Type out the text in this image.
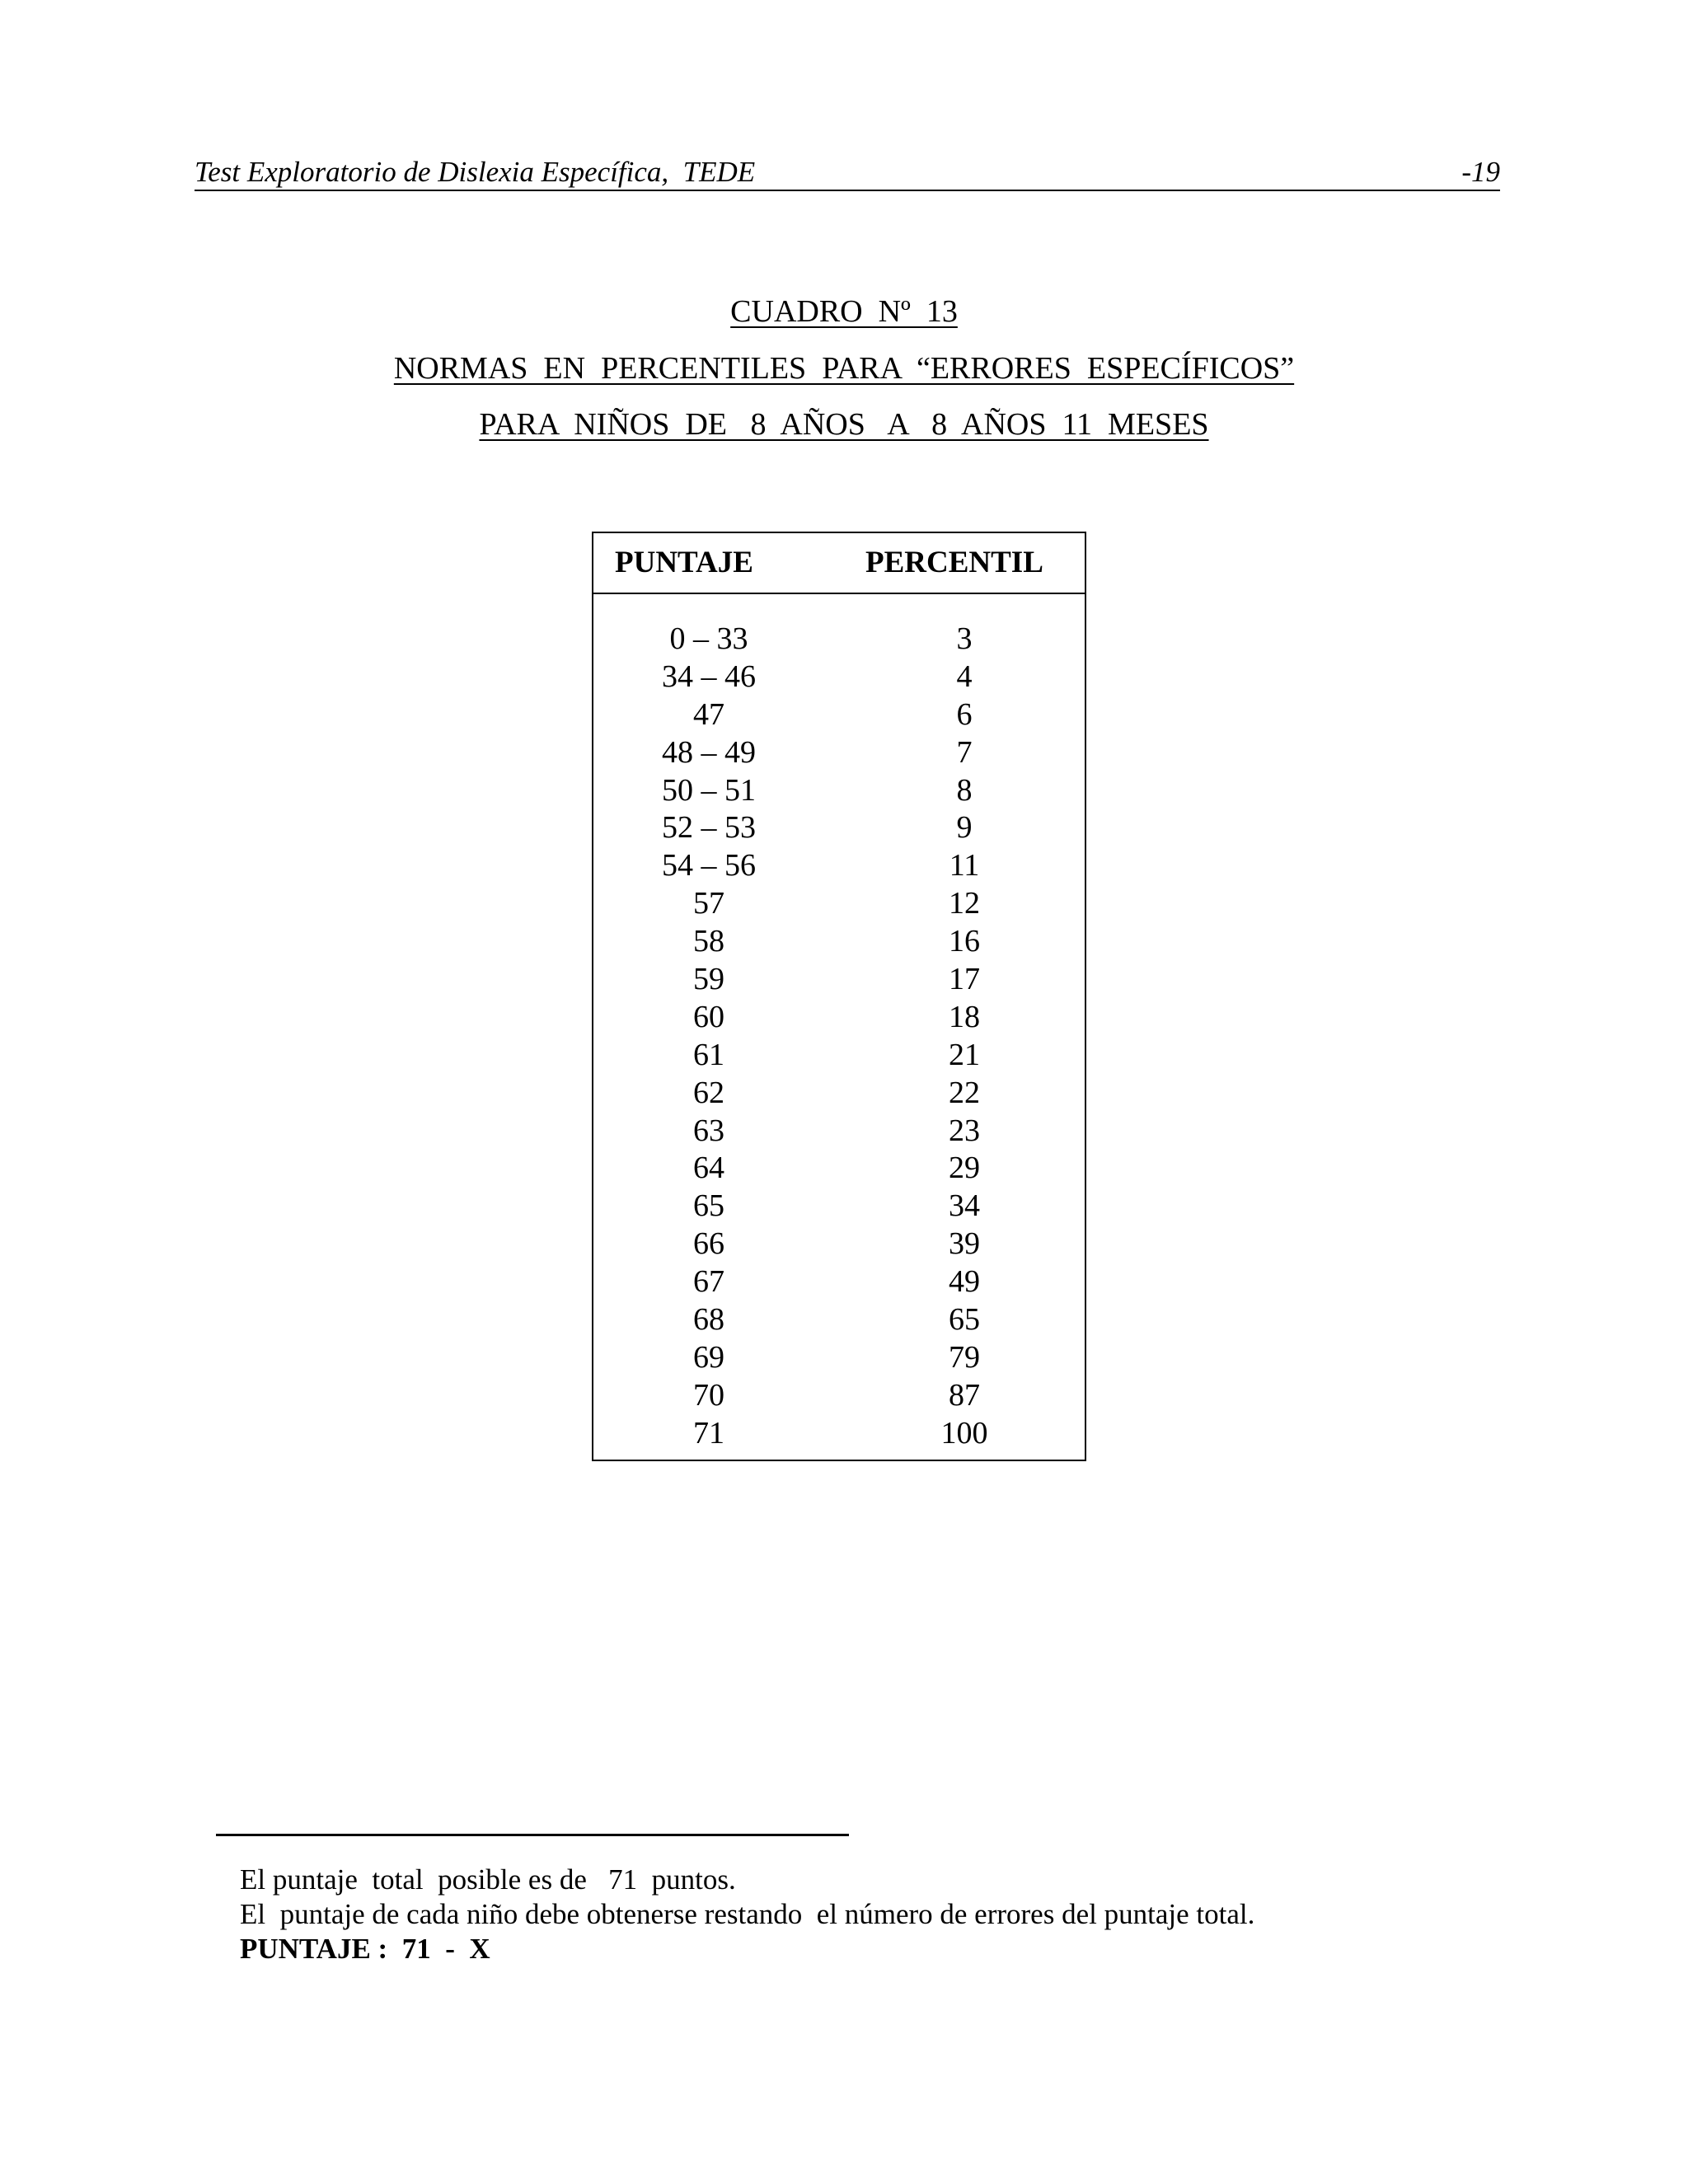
Test Exploratorio de Dislexia Específica,  TEDE	-19
CUADRO  Nº  13
NORMAS  EN  PERCENTILES  PARA  “ERRORES  ESPECÍFICOS”
PARA  NIÑOS  DE   8  AÑOS   A   8  AÑOS  11  MESES
PUNTAJE	PERCENTIL
0 – 33	3
34 – 46	4
47	6
48 – 49	7
50 – 51	8
52 – 53	9
54 – 56	11
57	12
58	16
59	17
60	18
61	21
62	22
63	23
64	29
65	34
66	39
67	49
68	65
69	79
70	87
71	100
El puntaje  total  posible es de   71  puntos.
El  puntaje de cada niño debe obtenerse restando  el número de errores del puntaje total.
PUNTAJE :  71  -  X
